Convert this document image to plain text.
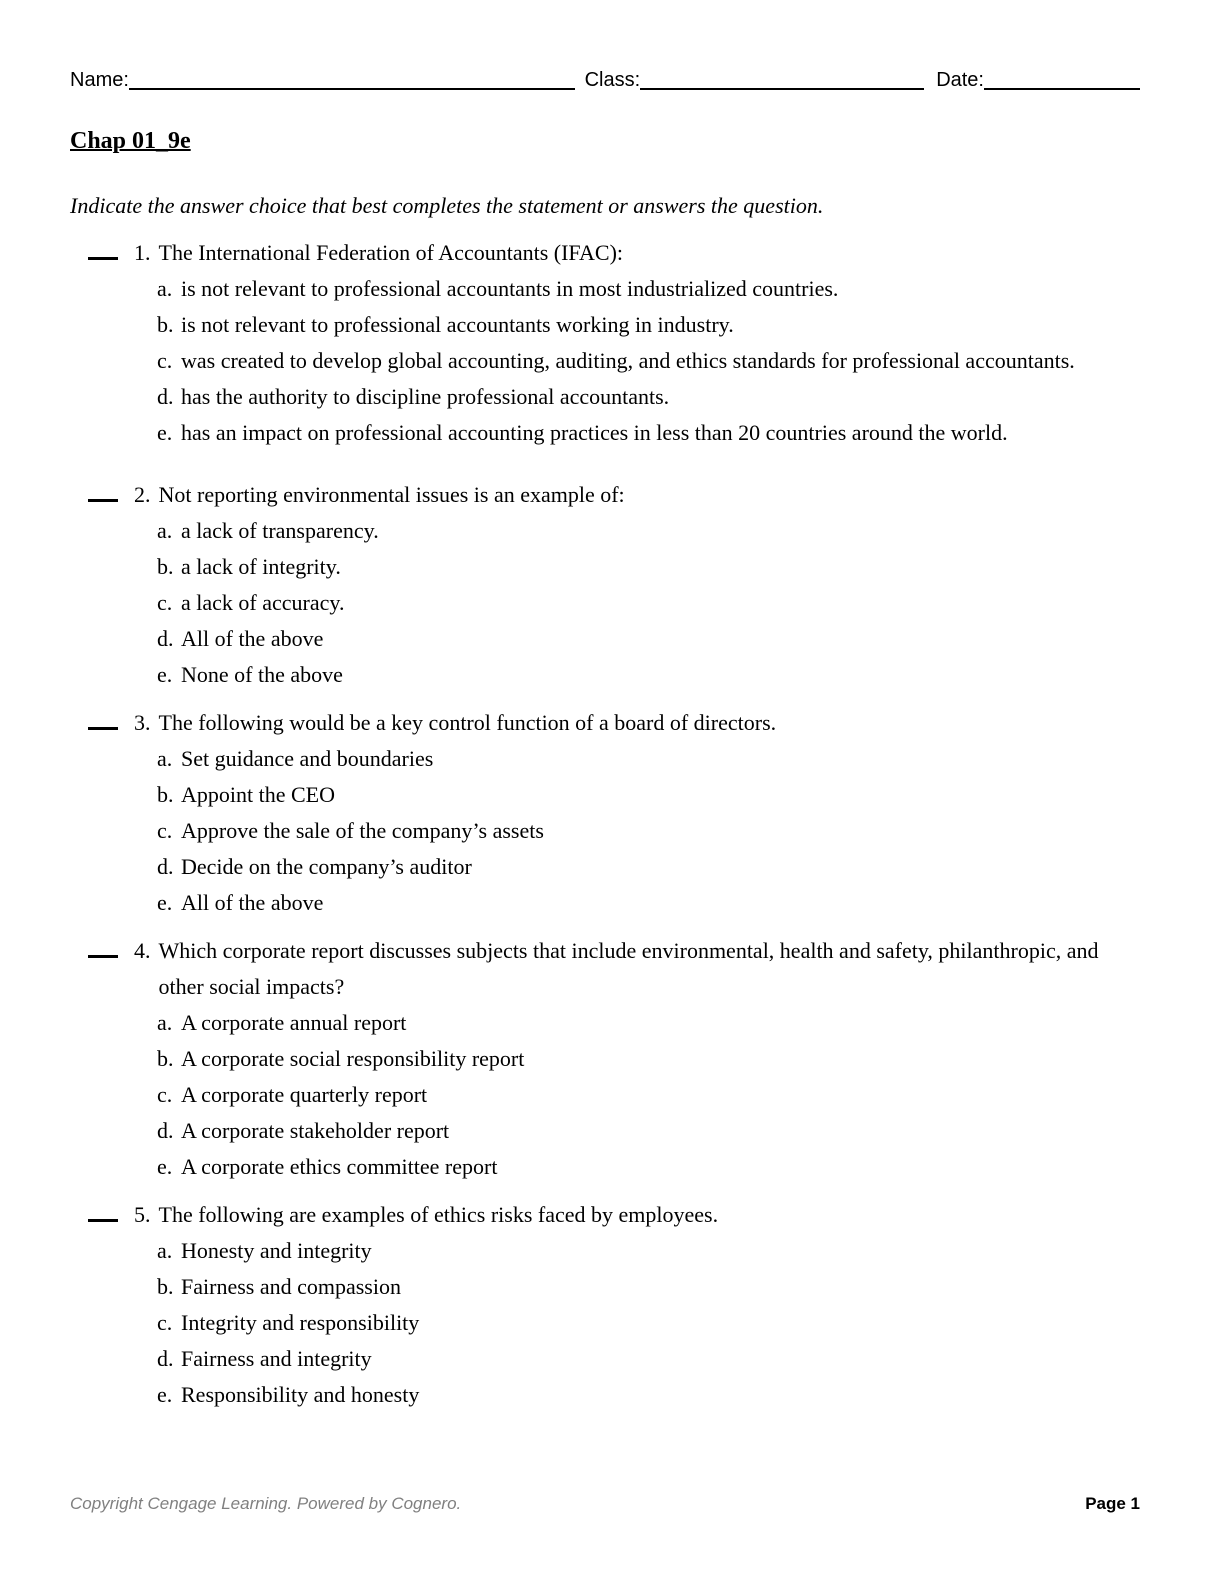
Name:	Class:	Date:
Chap 01_9e
Indicate the answer choice that best completes the statement or answers the question.
1. The International Federation of Accountants (IFAC):
a. is not relevant to professional accountants in most industrialized countries.
b. is not relevant to professional accountants working in industry.
c. was created to develop global accounting, auditing, and ethics standards for professional accountants.
d. has the authority to discipline professional accountants.
e. has an impact on professional accounting practices in less than 20 countries around the world.
2. Not reporting environmental issues is an example of:
a. a lack of transparency.
b. a lack of integrity.
c. a lack of accuracy.
d. All of the above
e. None of the above
3. The following would be a key control function of a board of directors.
a. Set guidance and boundaries
b. Appoint the CEO
c. Approve the sale of the company’s assets
d. Decide on the company’s auditor
e. All of the above
4. Which corporate report discusses subjects that include environmental, health and safety, philanthropic, and other social impacts?
a. A corporate annual report
b. A corporate social responsibility report
c. A corporate quarterly report
d. A corporate stakeholder report
e. A corporate ethics committee report
5. The following are examples of ethics risks faced by employees.
a. Honesty and integrity
b. Fairness and compassion
c. Integrity and responsibility
d. Fairness and integrity
e. Responsibility and honesty
Copyright Cengage Learning. Powered by Cognero.	Page 1
